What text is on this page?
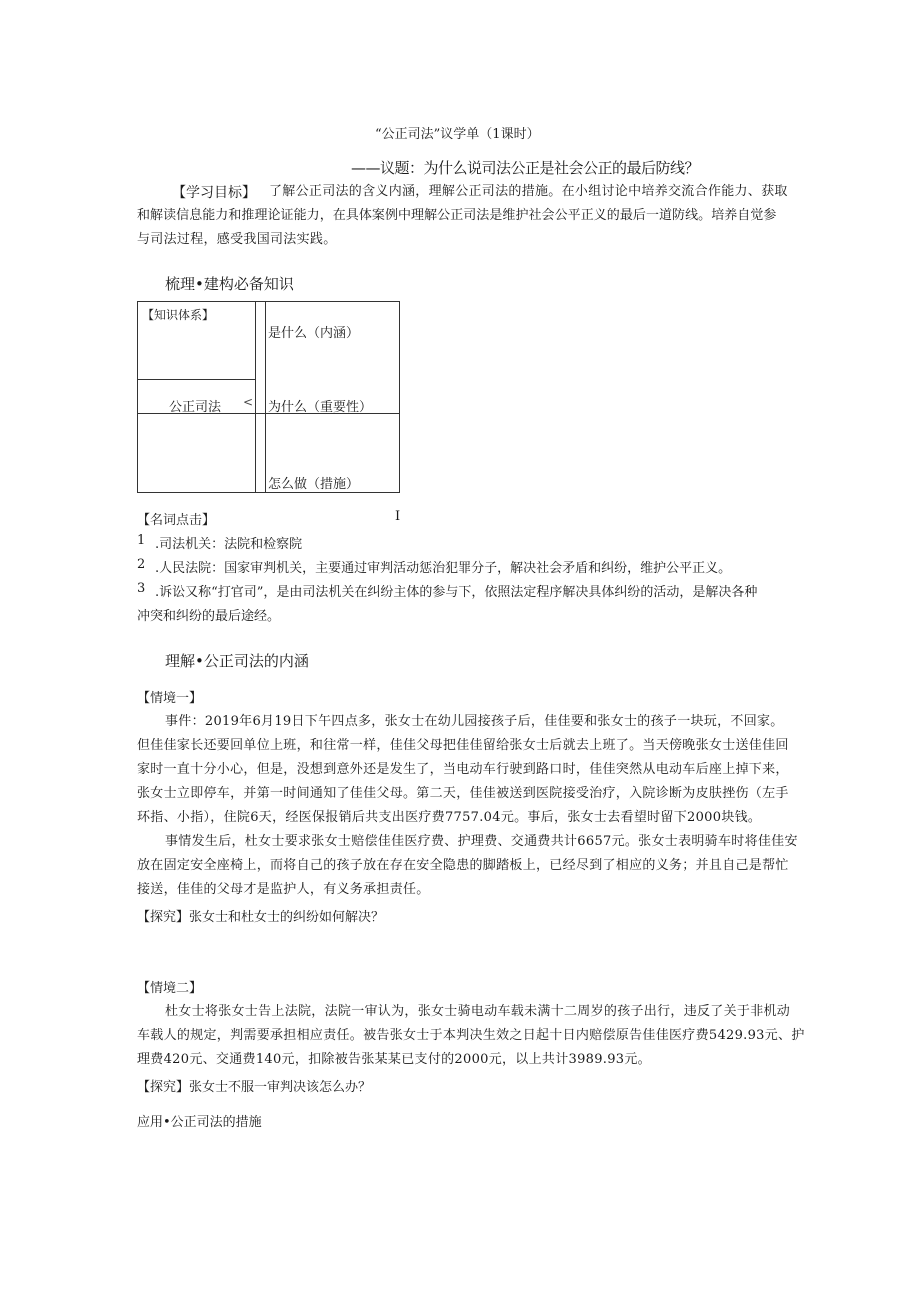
“公正司法”议学单（1课时）
——议题：为什么说司法公正是社会公正的最后防线？
【学习目标】 了解公正司法的含义内涵，理解公正司法的措施。在小组讨论中培养交流合作能力、获取
和解读信息能力和推理论证能力，在具体案例中理解公正司法是维护社会公平正义的最后一道防线。培养自觉参
与司法过程，感受我国司法实践。
梳理•建构必备知识
【知识体系】
是什么（内涵）
公正司法 < 为什么（重要性）
怎么做（措施）
【名词点击】	I
1 .司法机关：法院和检察院
2 .人民法院：国家审判机关，主要通过审判活动惩治犯罪分子，解决社会矛盾和纠纷，维护公平正义。
3 .诉讼又称“打官司”，是由司法机关在纠纷主体的参与下，依照法定程序解决具体纠纷的活动，是解决各种
冲突和纠纷的最后途经。
理解•公正司法的内涵
【情境一】
事件：2019年6月19日下午四点多，张女士在幼儿园接孩子后，佳佳要和张女士的孩子一块玩，不回家。
但佳佳家长还要回单位上班，和往常一样，佳佳父母把佳佳留给张女士后就去上班了。当天傍晚张女士送佳佳回
家时一直十分小心，但是，没想到意外还是发生了，当电动车行驶到路口时，佳佳突然从电动车后座上掉下来，
张女士立即停车，并第一时间通知了佳佳父母。第二天，佳佳被送到医院接受治疗，入院诊断为皮肤挫伤（左手
环指、小指），住院6天，经医保报销后共支出医疗费7757.04元。事后，张女士去看望时留下2000块钱。
事情发生后，杜女士要求张女士赔偿佳佳医疗费、护理费、交通费共计6657元。张女士表明骑车时将佳佳安
放在固定安全座椅上，而将自己的孩子放在存在安全隐患的脚踏板上，已经尽到了相应的义务；并且自己是帮忙
接送，佳佳的父母才是监护人，有义务承担责任。
【探究】张女士和杜女士的纠纷如何解决？
【情境二】
杜女士将张女士告上法院，法院一审认为，张女士骑电动车载未满十二周岁的孩子出行，违反了关于非机动
车载人的规定，判需要承担相应责任。被告张女士于本判决生效之日起十日内赔偿原告佳佳医疗费5429.93元、护
理费420元、交通费140元，扣除被告张某某已支付的2000元，以上共计3989.93元。
【探究】张女士不服一审判决该怎么办？
应用•公正司法的措施
